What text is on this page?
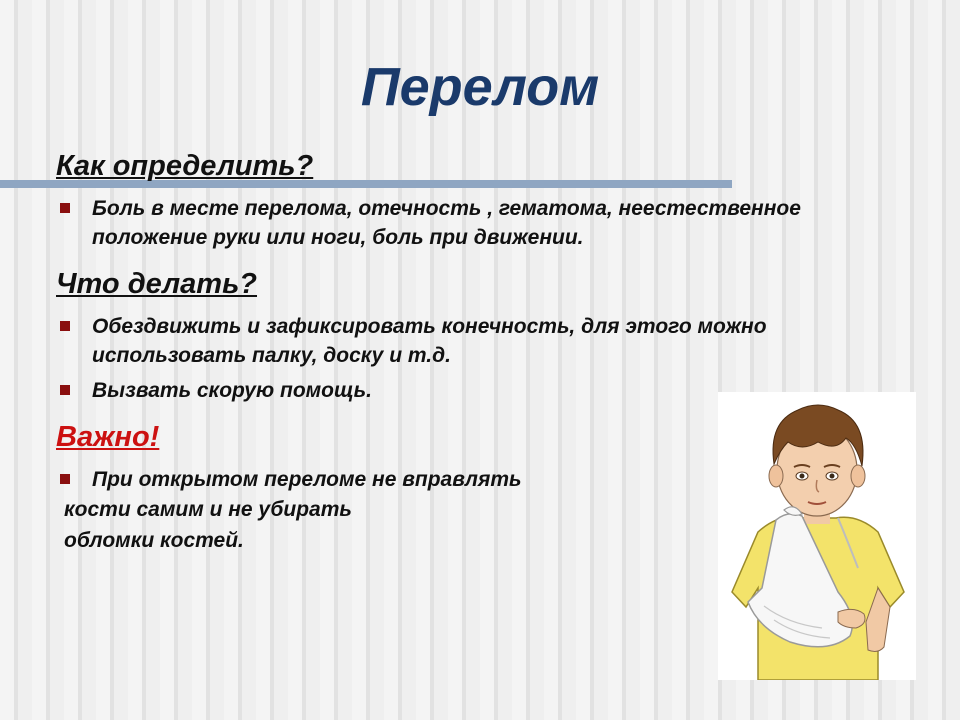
Перелом
Как определить?
Боль в месте перелома, отечность , гематома, неестественное положение руки или ноги, боль при движении.
Что делать?
Обездвижить и зафиксировать конечность, для этого можно использовать палку, доску и т.д.
Вызвать скорую помощь.
Важно!
При открытом переломе не вправлять
кости самим и не убирать
обломки костей.
